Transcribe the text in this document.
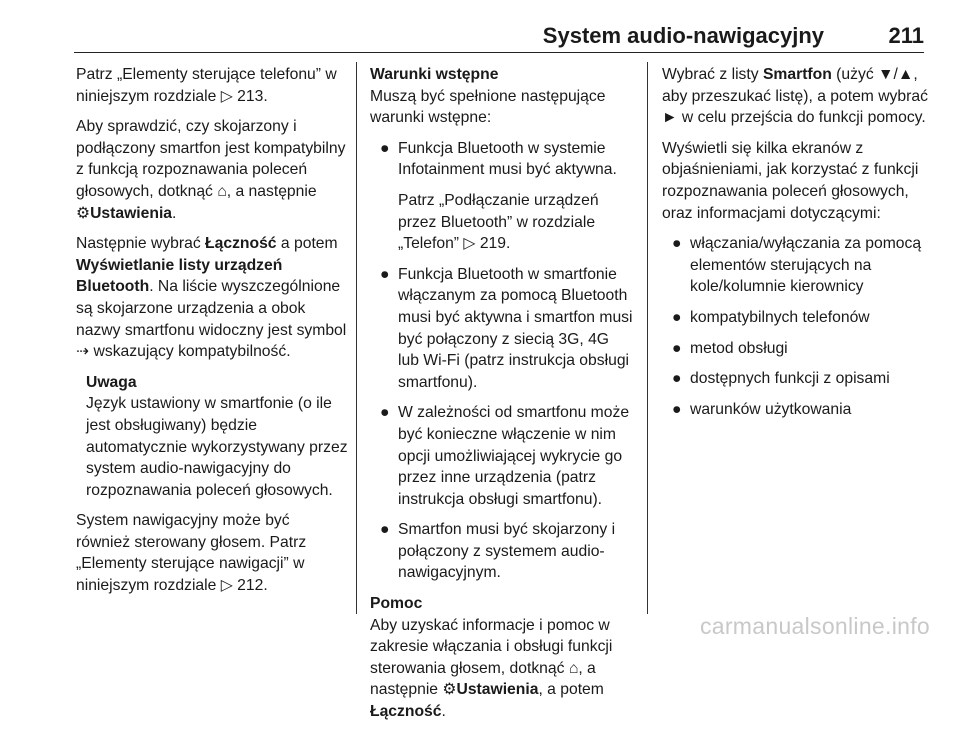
System audio-nawigacyjny	211

Patrz „Elementy sterujące telefonu” w niniejszym rozdziale ▷ 213.

Aby sprawdzić, czy skojarzony i podłączony smartfon jest kompatybilny z funkcją rozpoznawania poleceń głosowych, dotknąć ⌂, a następnie
⚙Ustawienia.

Następnie wybrać Łączność a potem Wyświetlanie listy urządzeń Bluetooth. Na liście wyszczególnione są skojarzone urządzenia a obok nazwy smartfonu widoczny jest symbol ⇢ wskazujący kompatybilność.

Uwaga
Język ustawiony w smartfonie (o ile jest obsługiwany) będzie automatycznie wykorzystywany przez system audio-nawigacyjny do rozpoznawania poleceń głosowych.

System nawigacyjny może być również sterowany głosem. Patrz „Elementy sterujące nawigacji” w niniejszym rozdziale ▷ 212.

Warunki wstępne

Muszą być spełnione następujące warunki wstępne:

● Funkcja Bluetooth w systemie Infotainment musi być aktywna.

Patrz „Podłączanie urządzeń przez Bluetooth” w rozdziale „Telefon” ▷ 219.

● Funkcja Bluetooth w smartfonie włączanym za pomocą Bluetooth musi być aktywna i smartfon musi być połączony z siecią 3G, 4G lub Wi-Fi (patrz instrukcja obsługi smartfonu).
● W zależności od smartfonu może być konieczne włączenie w nim opcji umożliwiającej wykrycie go przez inne urządzenia (patrz instrukcja obsługi smartfonu).
● Smartfon musi być skojarzony i połączony z systemem audio-nawigacyjnym.
Pomoc

Aby uzyskać informacje i pomoc w zakresie włączania i obsługi funkcji sterowania głosem, dotknąć ⌂, a następnie ⚙Ustawienia, a potem
Łączność.

Wybrać z listy Smartfon (użyć ▼/▲, aby przeszukać listę), a potem wybrać ► w celu przejścia do funkcji pomocy.

Wyświetli się kilka ekranów z objaśnieniami, jak korzystać z funkcji rozpoznawania poleceń głosowych, oraz informacjami dotyczącymi:

● włączania/wyłączania za pomocą elementów sterujących na kole/kolumnie kierownicy
● kompatybilnych telefonów
● metod obsługi
● dostępnych funkcji z opisami
● warunków użytkowania
carmanualsonline.info
